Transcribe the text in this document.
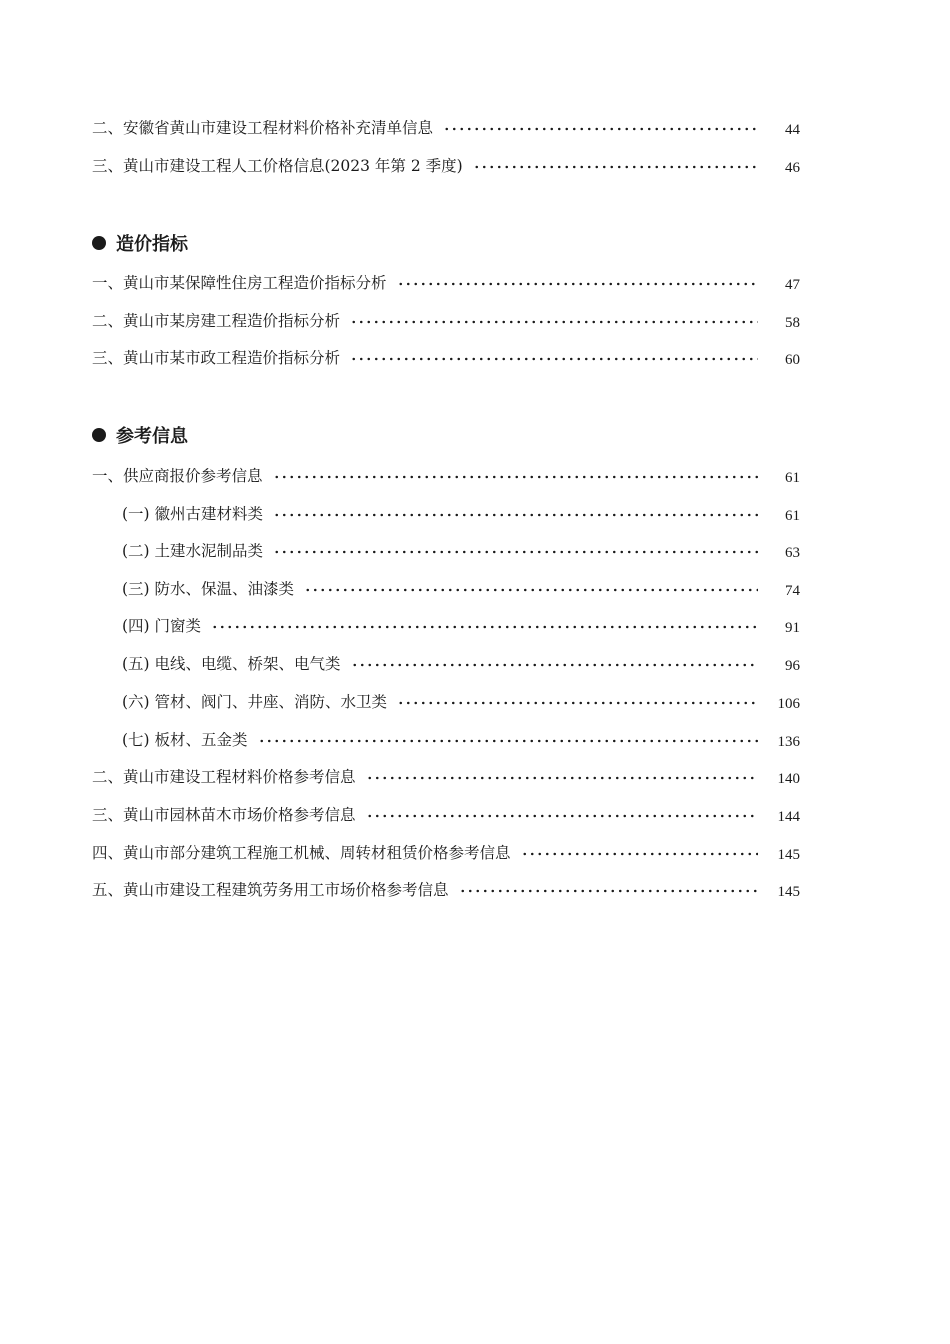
二、安徽省黄山市建设工程材料价格补充清单信息	44
三、黄山市建设工程人工价格信息(2023 年第 2 季度)	46
造价指标
一、黄山市某保障性住房工程造价指标分析	47
二、黄山市某房建工程造价指标分析	58
三、黄山市某市政工程造价指标分析	60
参考信息
一、供应商报价参考信息	61
(一) 徽州古建材料类	61
(二) 土建水泥制品类	63
(三) 防水、保温、油漆类	74
(四) 门窗类	91
(五) 电线、电缆、桥架、电气类	96
(六) 管材、阀门、井座、消防、水卫类	106
(七) 板材、五金类	136
二、黄山市建设工程材料价格参考信息	140
三、黄山市园林苗木市场价格参考信息	144
四、黄山市部分建筑工程施工机械、周转材租赁价格参考信息	145
五、黄山市建设工程建筑劳务用工市场价格参考信息	145
